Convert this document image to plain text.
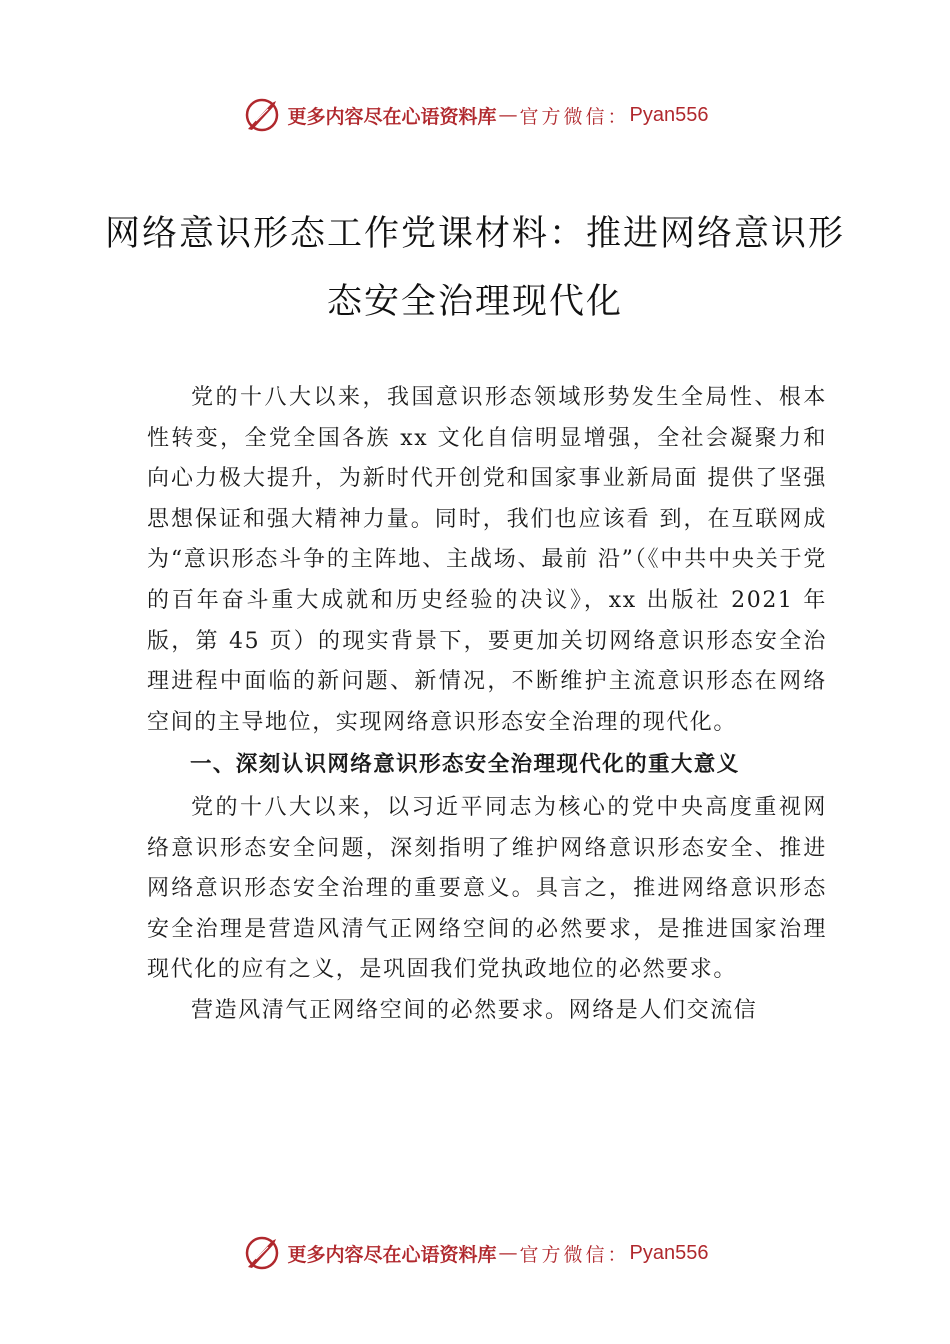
更多内容尽在心语资料库 — 官方微信： Pyan556
网络意识形态工作党课材料：推进网络意识形态安全治理现代化

党的十八大以来，我国意识形态领域形势发生全局性、根本性转变，全党全国各族 xx 文化自信明显增强，全社会凝聚力和向心力极大提升，为新时代开创党和国家事业新局面 提供了坚强思想保证和强大精神力量。同时，我们也应该看 到，在互联网成为“意识形态斗争的主阵地、主战场、最前 沿”（《中共中央关于党的百年奋斗重大成就和历史经验的决议》，xx 出版社 2021 年版，第 45 页）的现实背景下，要更加关切网络意识形态安全治理进程中面临的新问题、新情况，不断维护主流意识形态在网络空间的主导地位，实现网络意识形态安全治理的现代化。

一、深刻认识网络意识形态安全治理现代化的重大意义

党的十八大以来，以习近平同志为核心的党中央高度重视网络意识形态安全问题，深刻指明了维护网络意识形态安全、推进网络意识形态安全治理的重要意义。具言之，推进网络意识形态安全治理是营造风清气正网络空间的必然要求，是推进国家治理现代化的应有之义，是巩固我们党执政地位的必然要求。

营造风清气正网络空间的必然要求。网络是人们交流信

更多内容尽在心语资料库 — 官方微信： Pyan556
